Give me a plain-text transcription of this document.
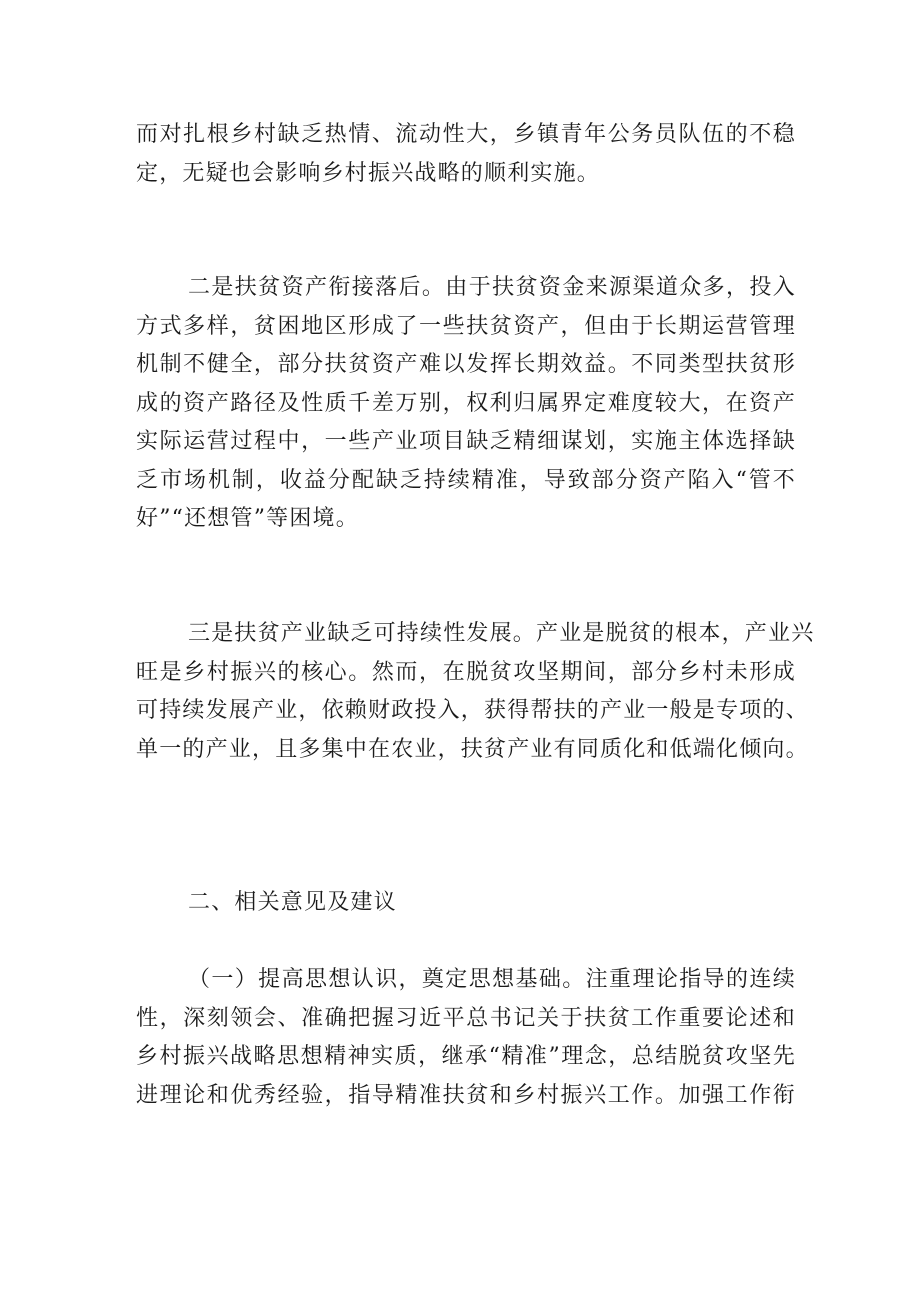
而对扎根乡村缺乏热情、流动性大，乡镇青年公务员队伍的不稳
定，无疑也会影响乡村振兴战略的顺利实施。

二是扶贫资产衔接落后。由于扶贫资金来源渠道众多，投入
方式多样，贫困地区形成了一些扶贫资产，但由于长期运营管理
机制不健全，部分扶贫资产难以发挥长期效益。不同类型扶贫形
成的资产路径及性质千差万别，权利归属界定难度较大，在资产
实际运营过程中，一些产业项目缺乏精细谋划，实施主体选择缺
乏市场机制，收益分配缺乏持续精准，导致部分资产陷入“管不
好”“还想管”等困境。

三是扶贫产业缺乏可持续性发展。产业是脱贫的根本，产业兴
旺是乡村振兴的核心。然而，在脱贫攻坚期间，部分乡村未形成
可持续发展产业，依赖财政投入，获得帮扶的产业一般是专项的、
单一的产业，且多集中在农业，扶贫产业有同质化和低端化倾向。

二、相关意见及建议

（一）提高思想认识，奠定思想基础。注重理论指导的连续
性，深刻领会、准确把握习近平总书记关于扶贫工作重要论述和
乡村振兴战略思想精神实质，继承“精准”理念，总结脱贫攻坚先
进理论和优秀经验，指导精准扶贫和乡村振兴工作。加强工作衔
